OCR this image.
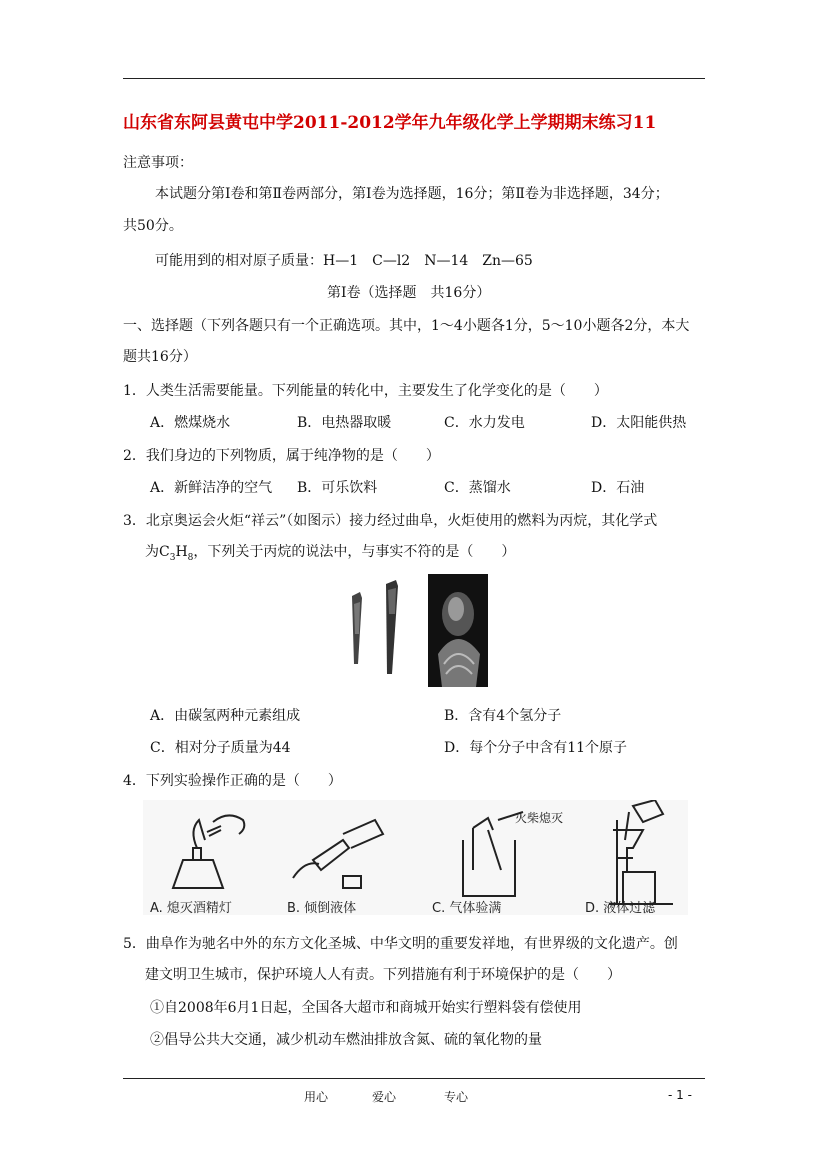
山东省东阿县黄屯中学2011-2012学年九年级化学上学期期末练习11
注意事项：
本试题分第Ⅰ卷和第Ⅱ卷两部分，第Ⅰ卷为选择题，16分；第Ⅱ卷为非选择题，34分；
共50分。
可能用到的相对原子质量：H—1　C—l2　N—14　Zn—65
第Ⅰ卷（选择题　共16分）
一、选择题（下列各题只有一个正确选项。其中，1～4小题各1分，5～10小题各2分，本大
题共16分）
1．人类生活需要能量。下列能量的转化中，主要发生了化学变化的是（　　）
A．燃煤烧水	B．电热器取暖	C．水力发电	D．太阳能供热
2．我们身边的下列物质，属于纯净物的是（　　）
A．新鲜洁净的空气 B．可乐饮料	C．蒸馏水	D．石油
3．北京奥运会火炬“祥云”（如图示）接力经过曲阜，火炬使用的燃料为丙烷，其化学式
为$C_3H_8$，下列关于丙烷的说法中，与事实不符的是（　　）
A．由碳氢两种元素组成	B．含有4个氢分子
C．相对分子质量为44	D．每个分子中含有11个原子
4．下列实验操作正确的是（　　）
火柴熄灭
A. 熄灭酒精灯	B. 倾倒液体	C. 气体验满	D. 液体过滤
5．曲阜作为驰名中外的东方文化圣城、中华文明的重要发祥地，有世界级的文化遗产。创
建文明卫生城市，保护环境人人有责。下列措施有利于环境保护的是（　　）
①自2008年6月1日起，全国各大超市和商城开始实行塑料袋有偿使用
②倡导公共大交通，减少机动车燃油排放含氮、硫的氧化物的量
用心	爱心	专心	- 1 -
